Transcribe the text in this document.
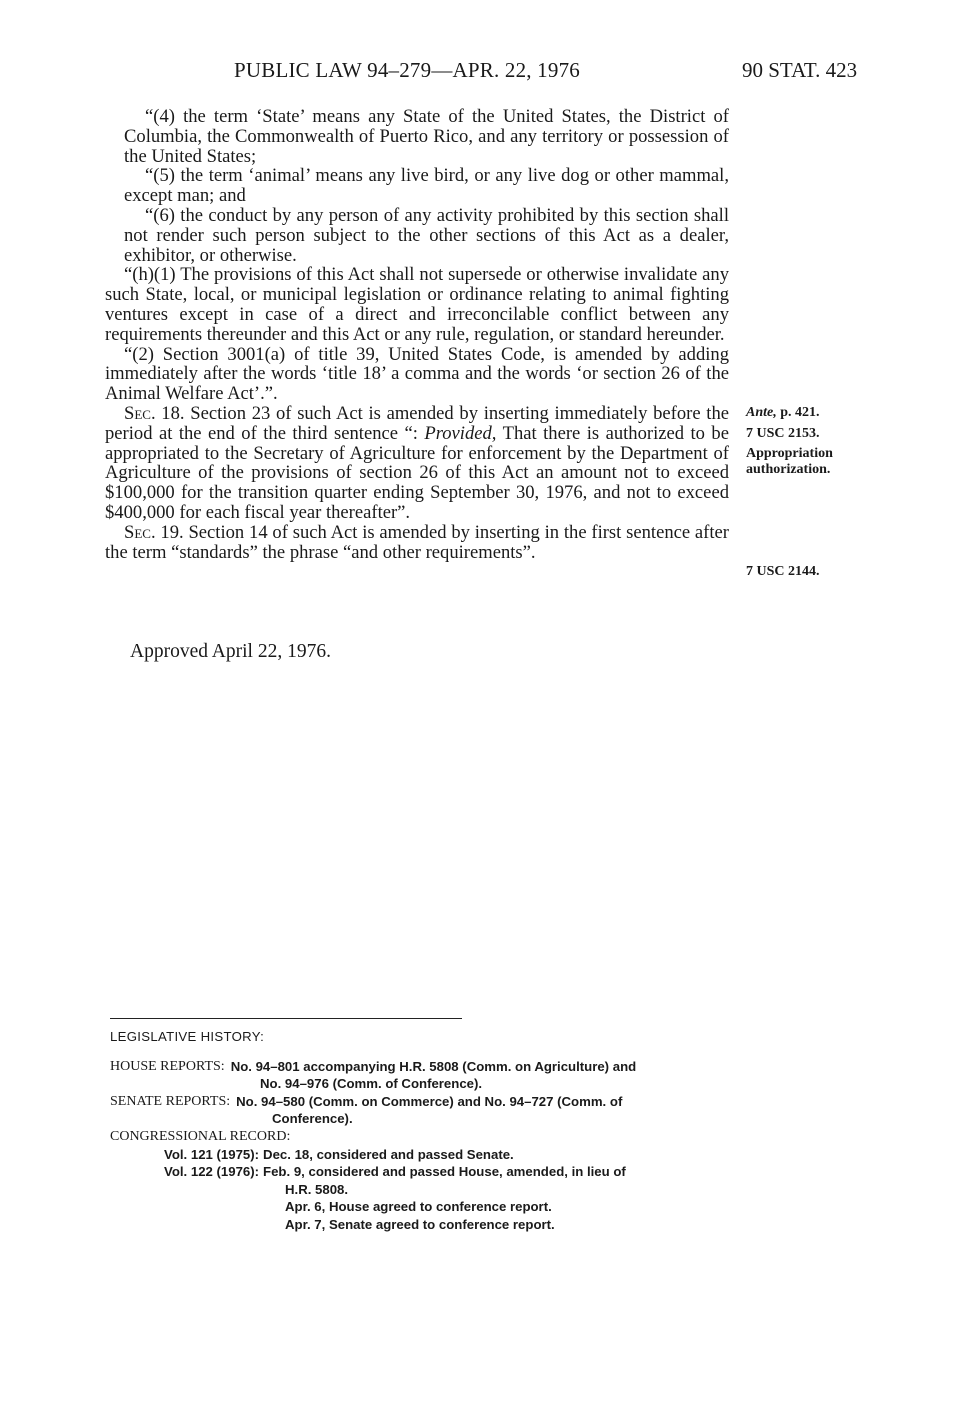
PUBLIC LAW 94–279—APR. 22, 1976	90 STAT. 423

“(4) the term ‘State’ means any State of the United States, the District of Columbia, the Commonwealth of Puerto Rico, and any territory or possession of the United States;

“(5) the term ‘animal’ means any live bird, or any live dog or other mammal, except man; and

“(6) the conduct by any person of any activity prohibited by this section shall not render such person subject to the other sections of this Act as a dealer, exhibitor, or otherwise.

“(h)(1) The provisions of this Act shall not supersede or otherwise invalidate any such State, local, or municipal legislation or ordinance relating to animal fighting ventures except in case of a direct and irreconcilable conflict between any requirements thereunder and this Act or any rule, regulation, or standard hereunder.

“(2) Section 3001(a) of title 39, United States Code, is amended by adding immediately after the words ‘title 18’ a comma and the words ‘or section 26 of the Animal Welfare Act’.”.

Sec. 18. Section 23 of such Act is amended by inserting immediately before the period at the end of the third sentence “: Provided, That there is authorized to be appropriated to the Secretary of Agriculture for enforcement by the Department of Agriculture of the provisions of section 26 of this Act an amount not to exceed $100,000 for the transition quarter ending September 30, 1976, and not to exceed $400,000 for each fiscal year thereafter”.

Sec. 19. Section 14 of such Act is amended by inserting in the first sentence after the term “standards” the phrase “and other requirements”.

Approved April 22, 1976.
Ante, p. 421.
7 USC 2153.
Appropriation authorization.
7 USC 2144.
LEGISLATIVE HISTORY:
HOUSE REPORTS: No. 94–801 accompanying H.R. 5808 (Comm. on Agriculture) and
No. 94–976 (Comm. of Conference).
SENATE REPORTS: No. 94–580 (Comm. on Commerce) and No. 94–727 (Comm. of
Conference).
CONGRESSIONAL RECORD:
Vol. 121 (1975): Dec. 18, considered and passed Senate.
Vol. 122 (1976): Feb. 9, considered and passed House, amended, in lieu of
H.R. 5808.
Apr. 6, House agreed to conference report.
Apr. 7, Senate agreed to conference report.
